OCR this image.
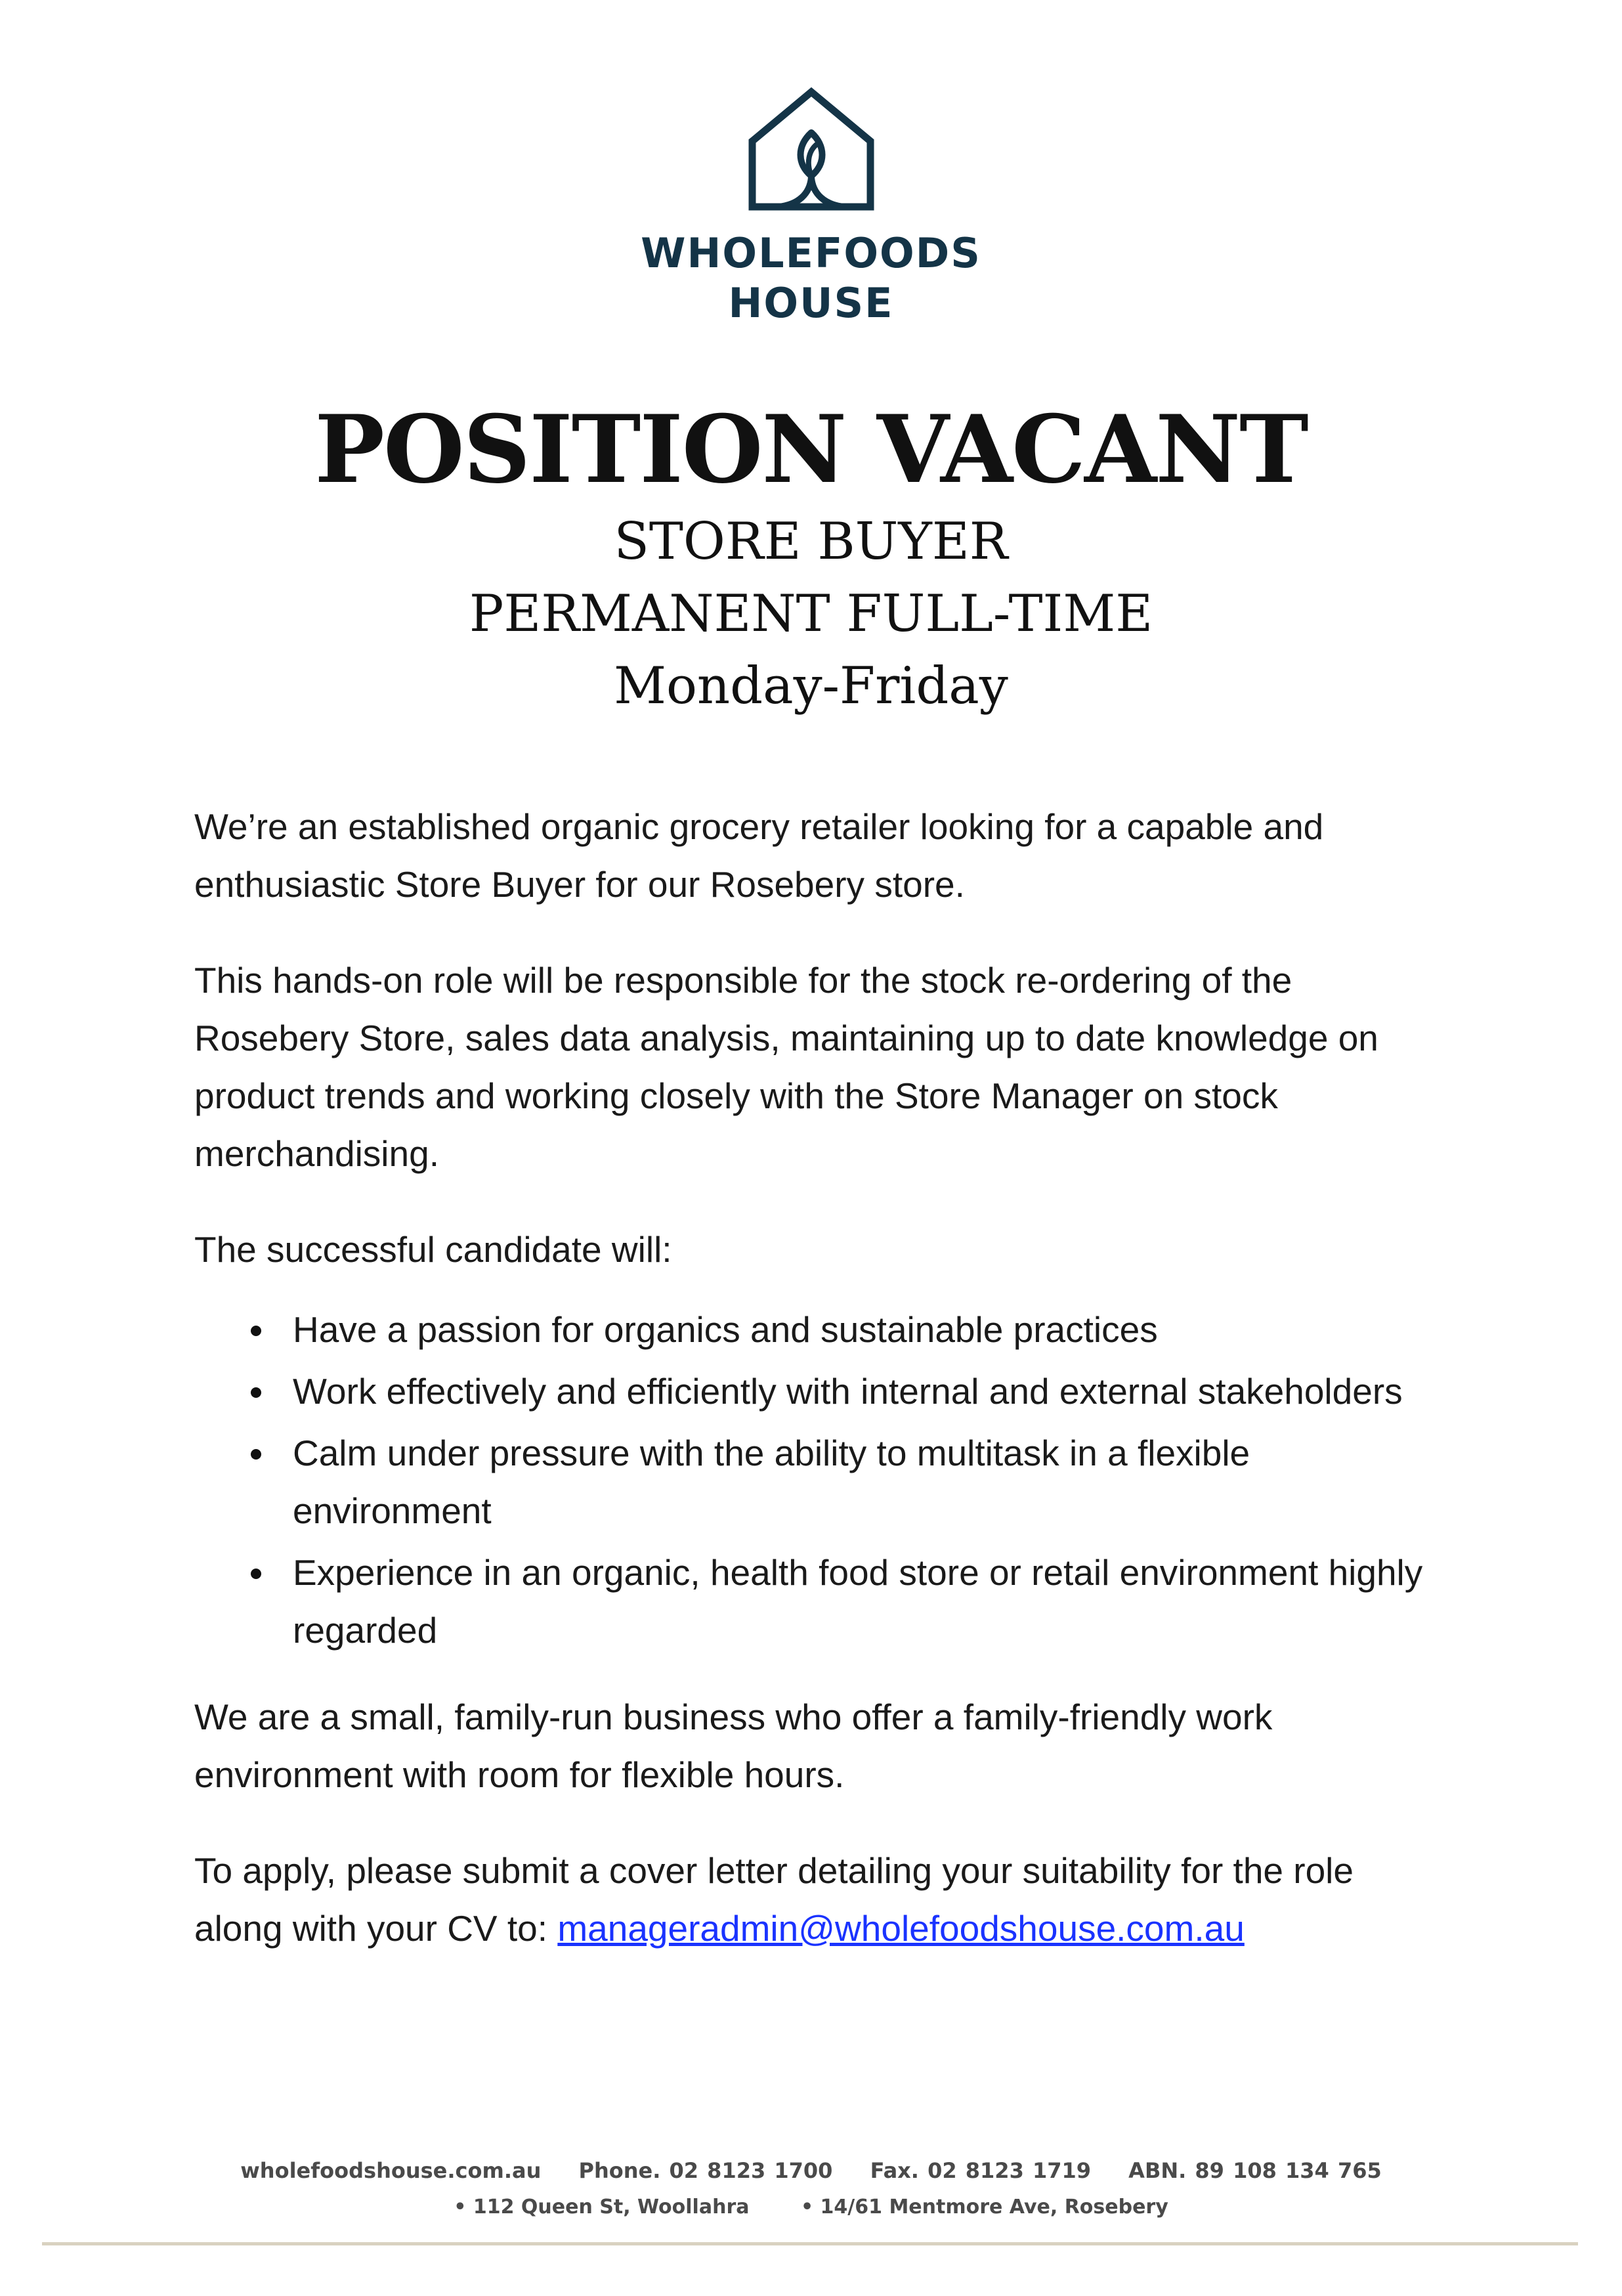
WHOLEFOODS
HOUSE
POSITION VACANT
STORE BUYER
PERMANENT FULL-TIME
Monday-Friday

We’re an established organic grocery retailer looking for a capable and enthusiastic Store Buyer for our Rosebery store.

This hands-on role will be responsible for the stock re-ordering of the Rosebery Store, sales data analysis, maintaining up to date knowledge on product trends and working closely with the Store Manager on stock merchandising.

The successful candidate will:

Have a passion for organics and sustainable practices
Work effectively and efficiently with internal and external stakeholders
Calm under pressure with the ability to multitask in a flexible environment
Experience in an organic, health food store or retail environment highly regarded

We are a small, family-run business who offer a family-friendly work environment with room for flexible hours.

To apply, please submit a cover letter detailing your suitability for the role along with your CV to: manageradmin@wholefoodshouse.com.au

wholefoodshouse.com.au Phone. 02 8123 1700 Fax. 02 8123 1719 ABN. 89 108 134 765
• 112 Queen St, Woollahra	• 14/61 Mentmore Ave, Rosebery
